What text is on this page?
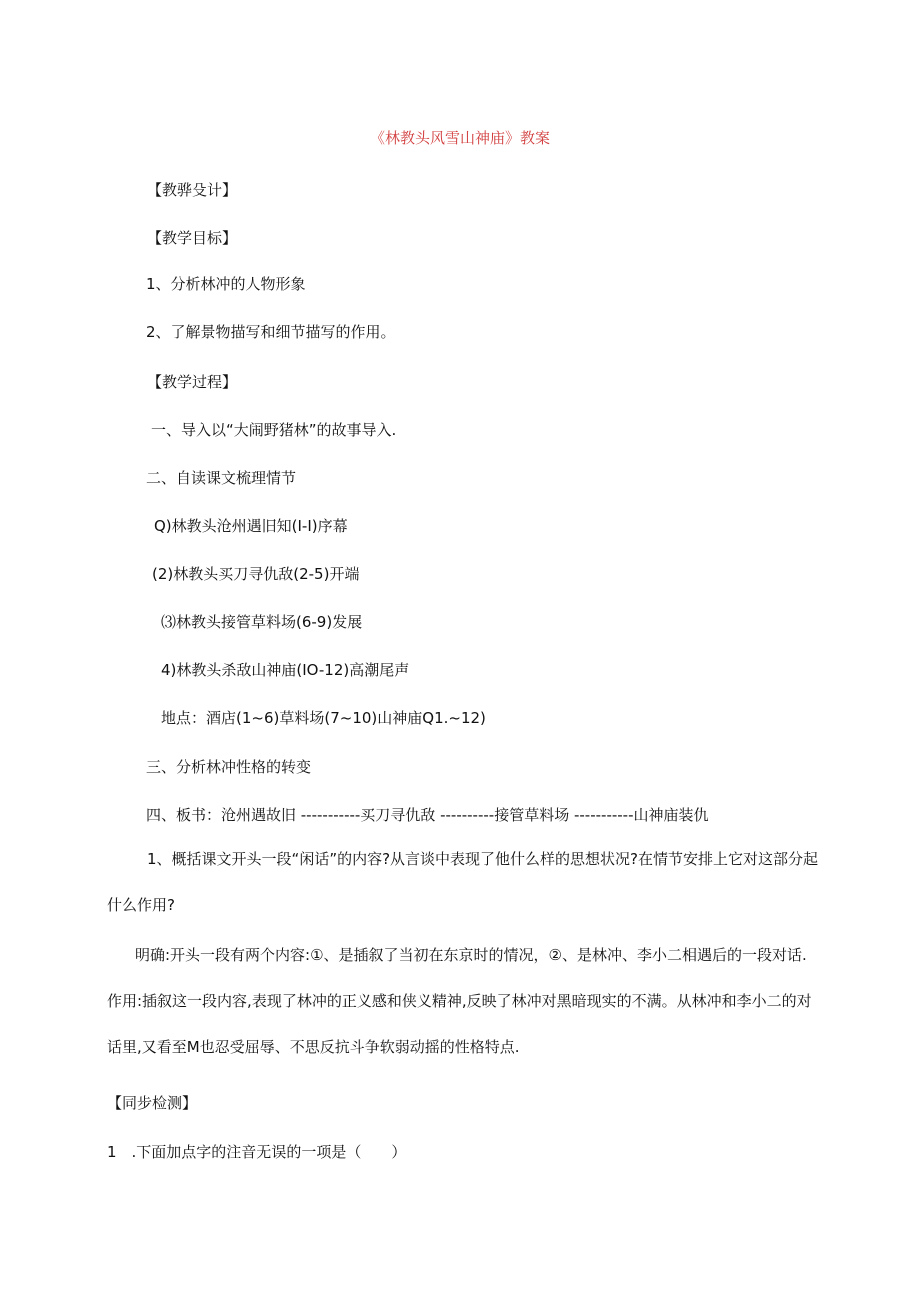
《林教头风雪山神庙》教案
【教骅殳计】
【教学目标】
1、分析林冲的人物形象
2、了解景物描写和细节描写的作用。
【教学过程】
一、导入以“大闹野猪林”的故事导入.
二、自读课文梳理情节
Q)林教头沧州遇旧知(I-I)序幕
(2)林教头买刀寻仇敌(2-5)开端
⑶林教头接管草料场(6-9)发展
4)林教头杀敌山神庙(IO-12)高潮尾声
地点：酒店(1~6)草料场(7~10)山神庙Q1.~12)
三、分析林冲性格的转变
四、板书：沧州遇故旧 -----------买刀寻仇敌 ----------接管草料场 -----------山神庙装仇
1、概括课文开头一段“闲话”的内容?从言谈中表现了他什么样的思想状况?在情节安排上它对这部分起什么作用?
明确:开头一段有两个内容:①、是插叙了当初在东京时的情况，②、是林冲、李小二相遇后的一段对话.作用:插叙这一段内容,表现了林冲的正义感和侠义精神,反映了林冲对黑暗现实的不满。从林冲和李小二的对话里,又看至M也忍受屈辱、不思反抗斗争软弱动摇的性格特点.
【同步检测】
1　.下面加点字的注音无误的一项是（　　）
